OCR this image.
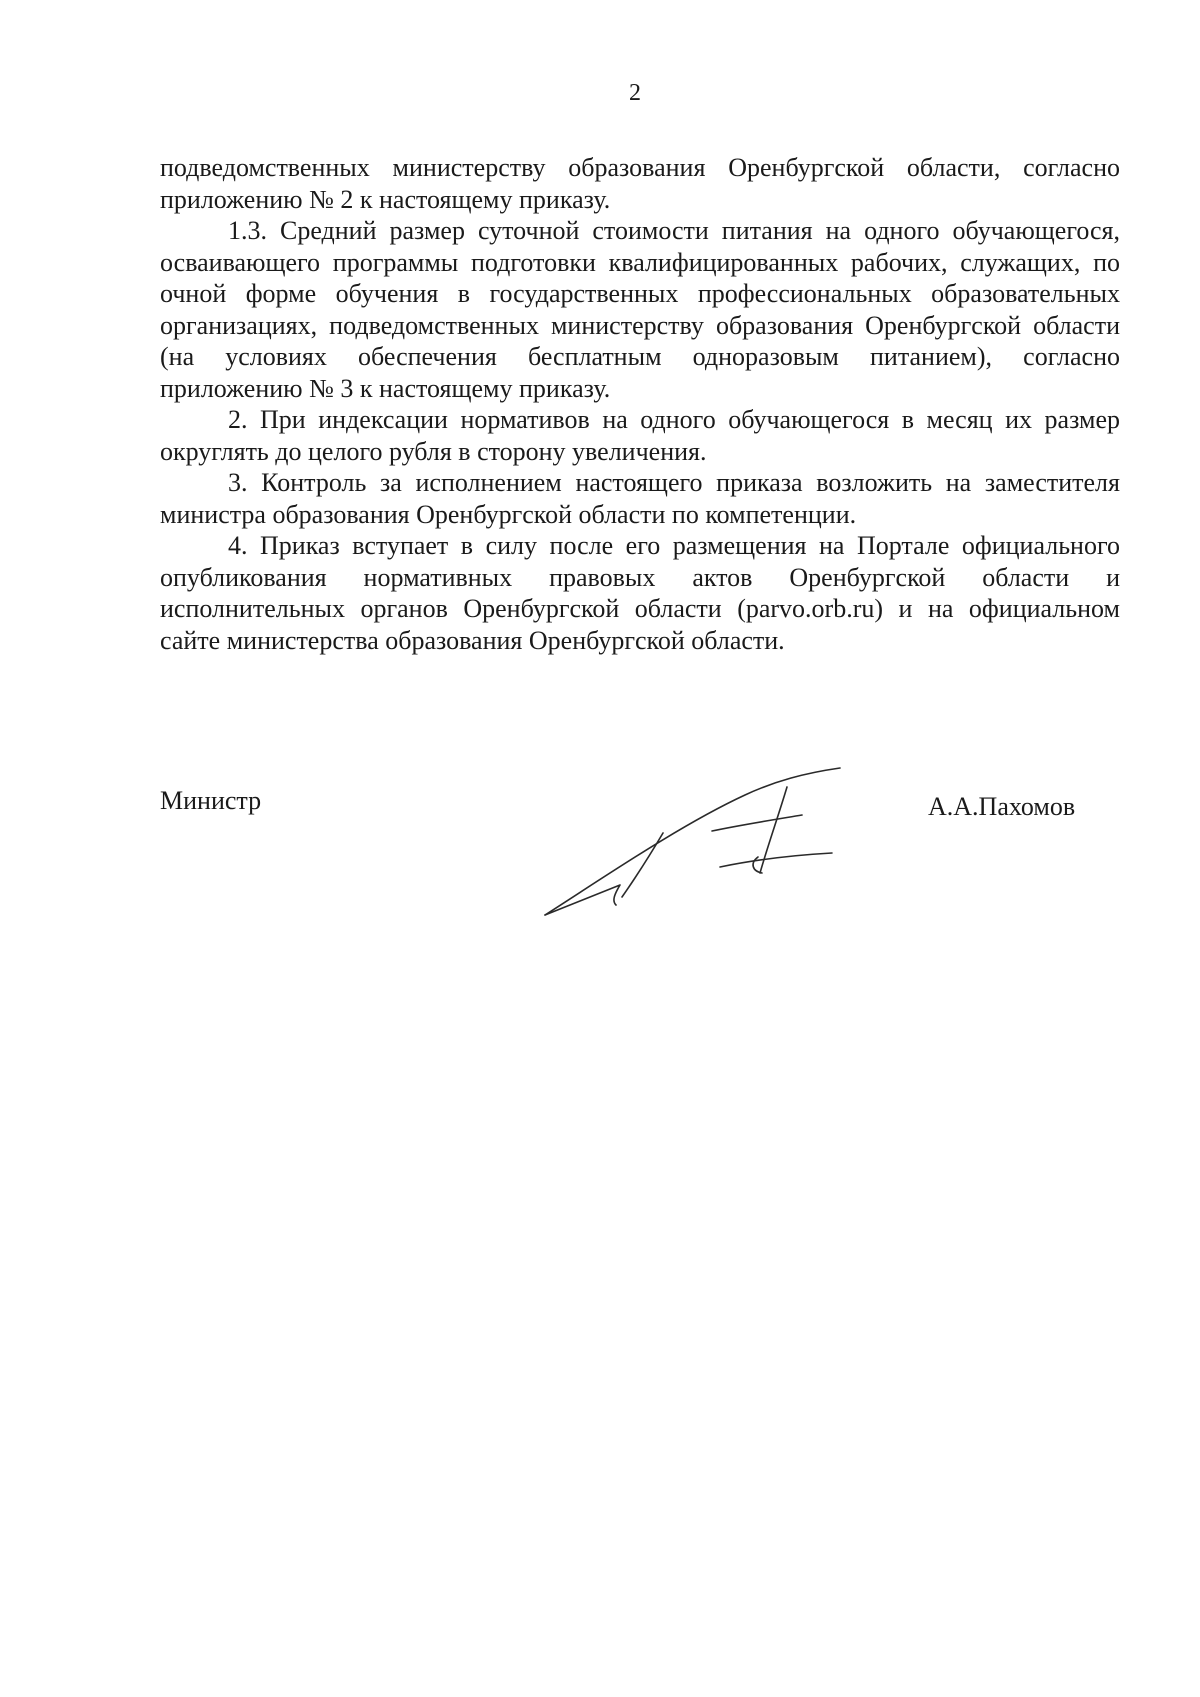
2

подведомственных министерству образования Оренбургской области, согласно приложению № 2 к настоящему приказу.

1.3. Средний размер суточной стоимости питания на одного обучающегося, осваивающего программы подготовки квалифицированных рабочих, служащих, по очной форме обучения в государственных профессиональных образовательных организациях, подведомственных министерству образования Оренбургской области (на условиях обеспечения бесплатным одноразовым питанием), согласно приложению № 3 к настоящему приказу.

2. При индексации нормативов на одного обучающегося в месяц их размер округлять до целого рубля в сторону увеличения.

3. Контроль за исполнением настоящего приказа возложить на заместителя министра образования Оренбургской области по компетенции.

4. Приказ вступает в силу после его размещения на Портале официального опубликования нормативных правовых актов Оренбургской области и исполнительных органов Оренбургской области (parvo.orb.ru) и на официальном сайте министерства образования Оренбургской области.

Министр	А.А.Пахомов
